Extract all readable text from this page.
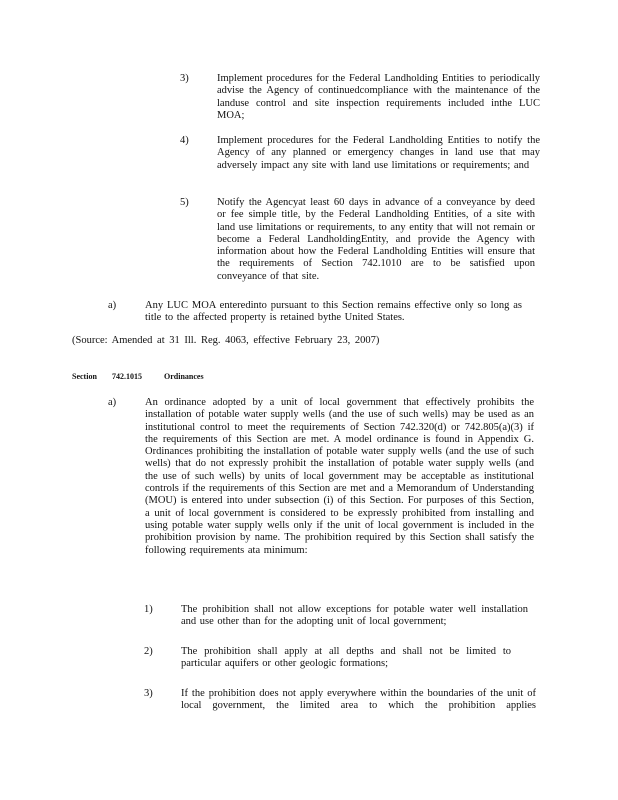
3)	Implement procedures for the Federal Landholding Entities to periodically advise the Agency of continuedcompliance with the maintenance of the landuse control and site inspection requirements included inthe LUC MOA;
4)	Implement procedures for the Federal Landholding Entities to notify the Agency of any planned or emergency changes in land use that may adversely impact any site with land use limitations or requirements; and
5)	Notify the Agencyat least 60 days in advance of a conveyance by deed or fee simple title, by the Federal Landholding Entities, of a site with land use limitations or requirements, to any entity that will not remain or become a Federal LandholdingEntity, and provide the Agency with information about how the Federal Landholding Entities will ensure that the requirements of Section 742.1010 are to be satisfied upon conveyance of that site.
a)	Any LUC MOA enteredinto pursuant to this Section remains effective only so long as title to the affected property is retained bythe United States.
(Source: Amended at 31 Ill. Reg. 4063, effective February 23, 2007)
Section 742.1015	Ordinances
a)	An ordinance adopted by a unit of local government that effectively prohibits the installation of potable water supply wells (and the use of such wells) may be used as an institutional control to meet the requirements of Section 742.320(d) or 742.805(a)(3) if the requirements of this Section are met. A model ordinance is found in Appendix G. Ordinances prohibiting the installation of potable water supply wells (and the use of such wells) that do not expressly prohibit the installation of potable water supply wells (and the use of such wells) by units of local government may be acceptable as institutional controls if the requirements of this Section are met and a Memorandum of Understanding (MOU) is entered into under subsection (i) of this Section. For purposes of this Section, a unit of local government is considered to be expressly prohibited from installing and using potable water supply wells only if the unit of local government is included in the prohibition provision by name. The prohibition required by this Section shall satisfy the following requirements ata minimum:
1)	The prohibition shall not allow exceptions for potable water well installation and use other than for the adopting unit of local government;
2)	The prohibition shall apply at all depths and shall not be limited to particular aquifers or other geologic formations;
3)	If the prohibition does not apply everywhere within the boundaries of the unit of local government, the limited area to which the prohibition applies
